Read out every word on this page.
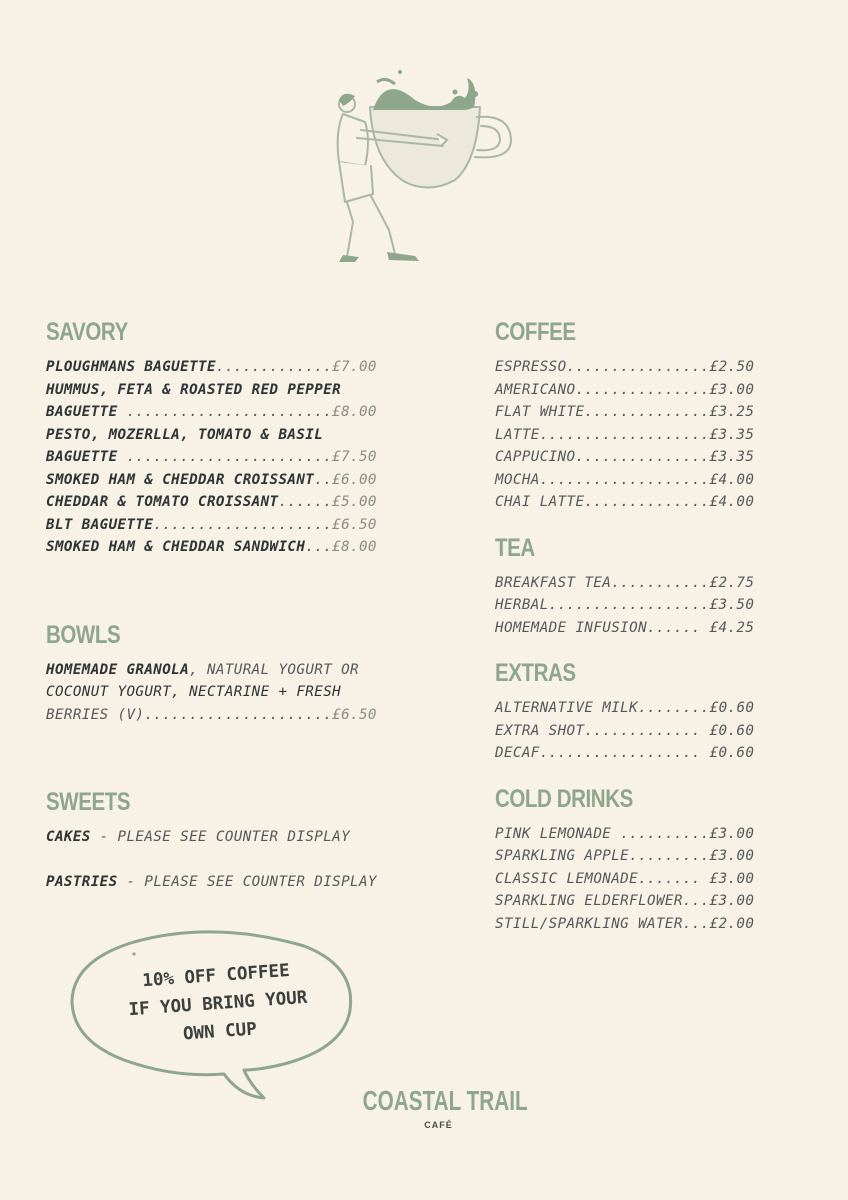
SAVORY
PLOUGHMANS BAGUETTE.............£7.00
HUMMUS, FETA & ROASTED RED PEPPER
BAGUETTE .......................£8.00
PESTO, MOZERLLA, TOMATO & BASIL
BAGUETTE .......................£7.50
SMOKED HAM & CHEDDAR CROISSANT..£6.00
CHEDDAR & TOMATO CROISSANT......£5.00
BLT BAGUETTE....................£6.50
SMOKED HAM & CHEDDAR SANDWICH...£8.00
BOWLS
HOMEMADE GRANOLA, NATURAL YOGURT OR
COCONUT YOGURT, NECTARINE + FRESH
BERRIES (V).....................£6.50
SWEETS
CAKES - PLEASE SEE COUNTER DISPLAY
PASTRIES - PLEASE SEE COUNTER DISPLAY
COFFEE
ESPRESSO................£2.50
AMERICANO...............£3.00
FLAT WHITE..............£3.25
LATTE...................£3.35
CAPPUCINO...............£3.35
MOCHA...................£4.00
CHAI LATTE..............£4.00
TEA
BREAKFAST TEA...........£2.75
HERBAL..................£3.50
HOMEMADE INFUSION...... £4.25
EXTRAS
ALTERNATIVE MILK........£0.60
EXTRA SHOT............. £0.60
DECAF.................. £0.60
COLD DRINKS
PINK LEMONADE ..........£3.00
SPARKLING APPLE.........£3.00
CLASSIC LEMONADE....... £3.00
SPARKLING ELDERFLOWER...£3.00
STILL/SPARKLING WATER...£2.00
10% OFF COFFEE
IF YOU BRING YOUR
OWN CUP
COASTAL TRAIL
CAFÉ
